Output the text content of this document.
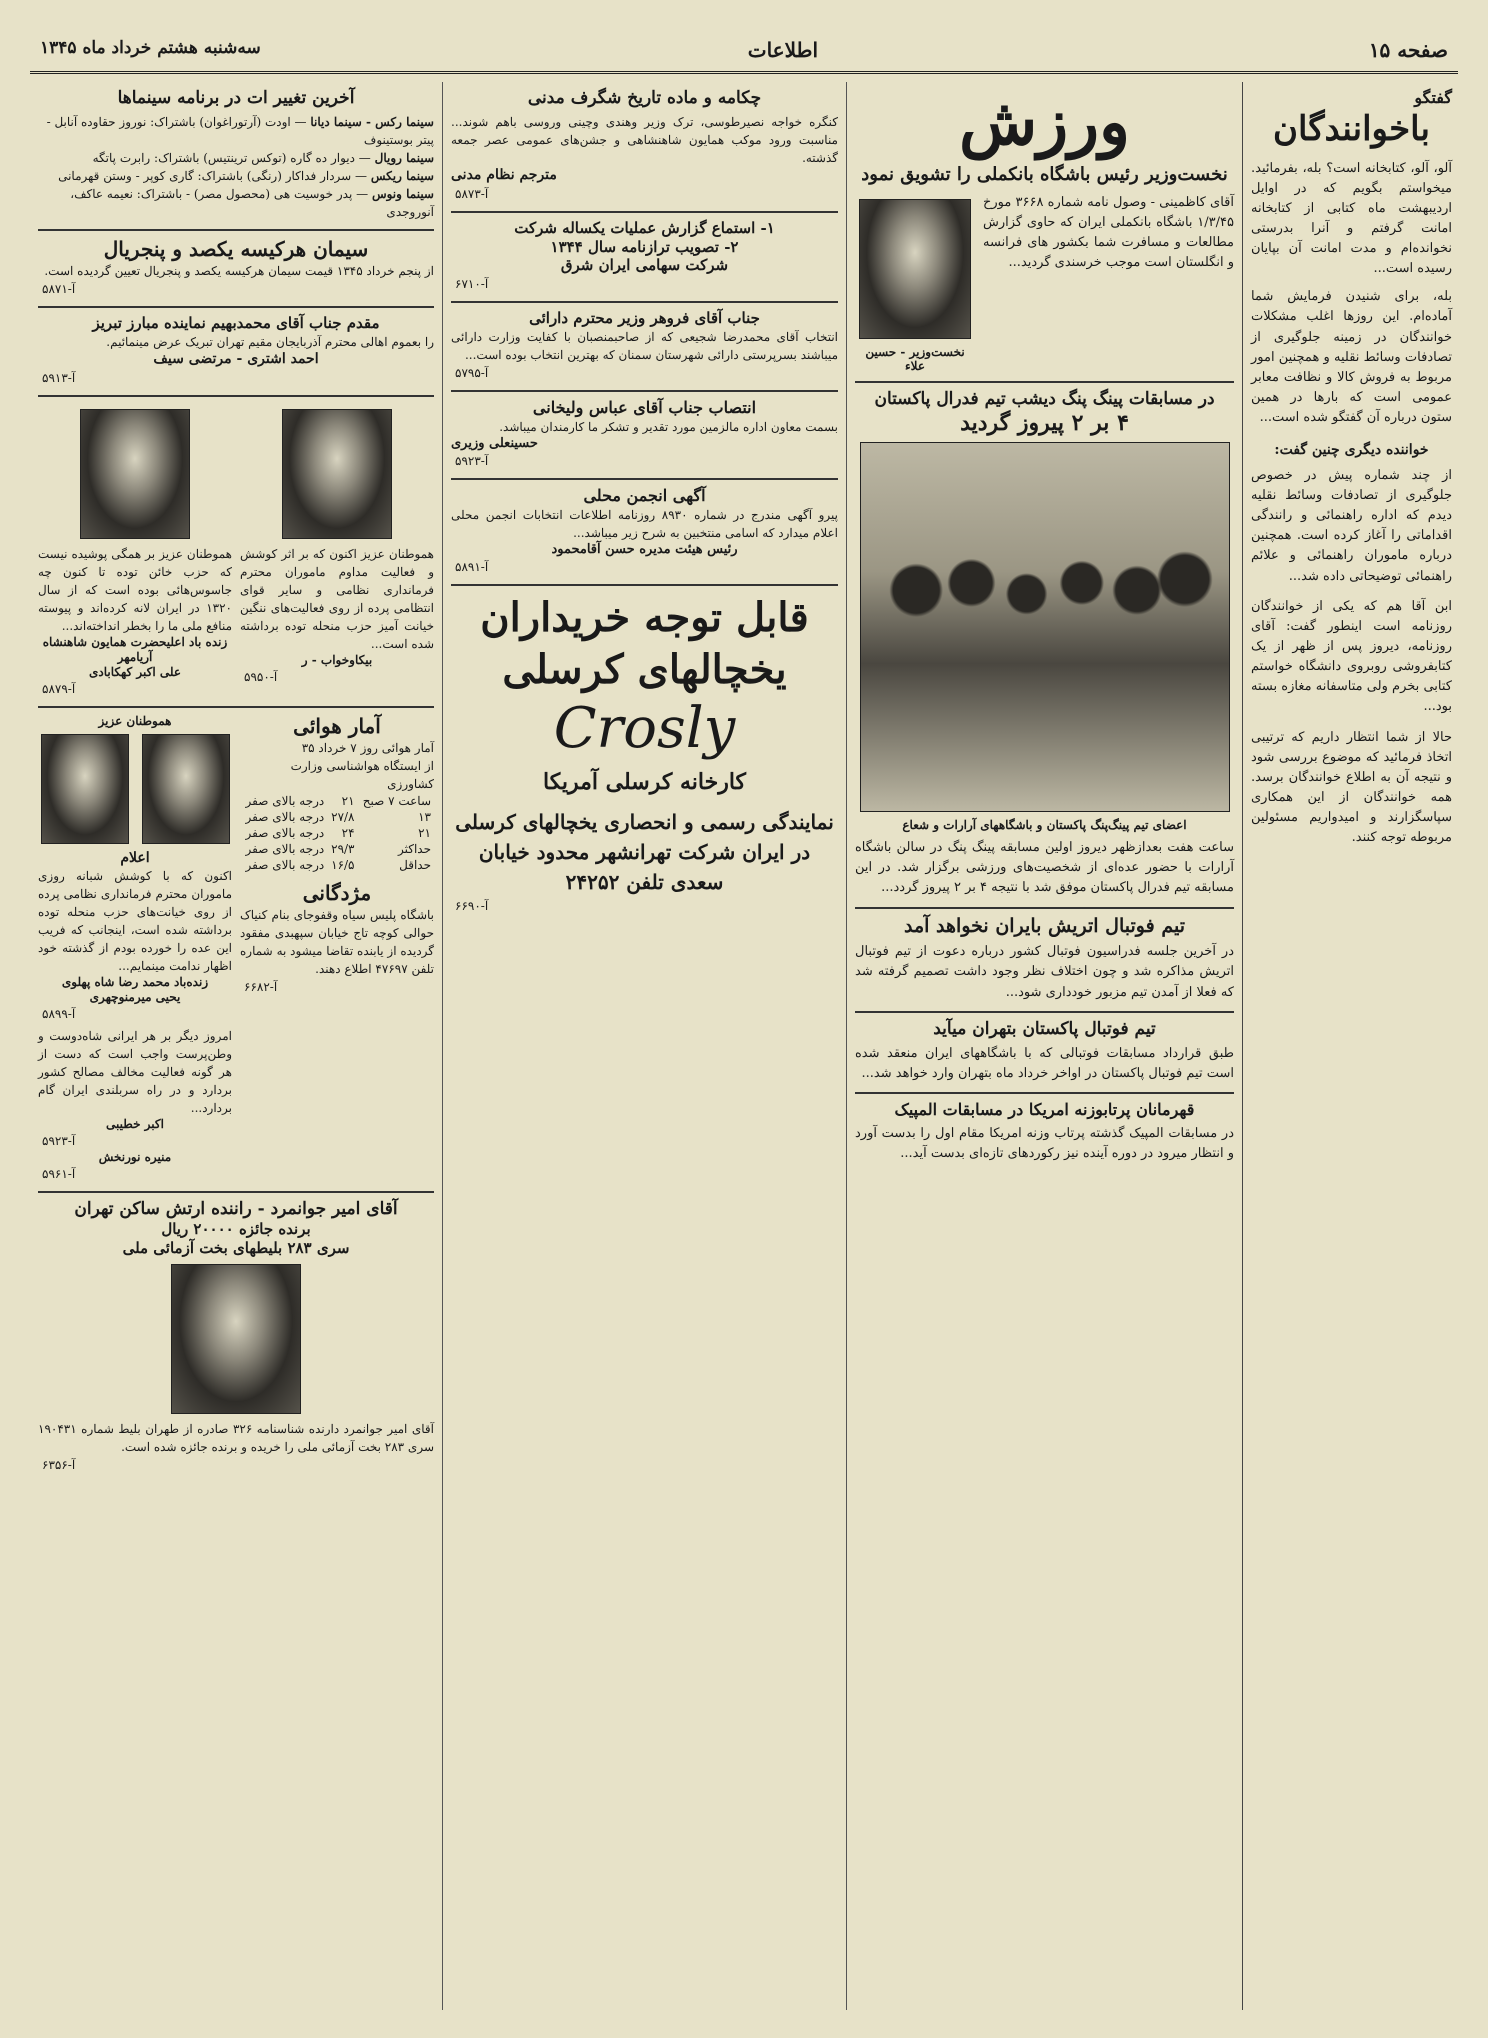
صفحه ۱۵
اطلاعات
سه‌شنبه هشتم خرداد ماه ۱۳۴۵
گفتگو
باخوانندگان
آلو، آلو، کتابخانه است؟ بله، بفرمائید. میخواستم بگویم که در اوایل اردیبهشت ماه کتابی از کتابخانه امانت گرفتم و آنرا بدرستی نخوانده‌ام و مدت امانت آن بپایان رسیده است...
بله، برای شنیدن فرمایش شما آماده‌ام. این روزها اغلب مشکلات خوانندگان در زمینه جلوگیری از تصادفات وسائط نقلیه و همچنین امور مربوط به فروش کالا و نظافت معابر عمومی است که بارها در همین ستون درباره آن گفتگو شده است...
خواننده دیگری چنین گفت:
از چند شماره پیش در خصوص جلوگیری از تصادفات وسائط نقلیه دیدم که اداره راهنمائی و رانندگی اقداماتی را آغاز کرده است. همچنین درباره ماموران راهنمائی و علائم راهنمائی توضیحاتی داده شد...
ابن آقا هم که یکی از خوانندگان روزنامه است اینطور گفت: آقای روزنامه، دیروز پس از ظهر از یک کتابفروشی روبروی دانشگاه خواستم کتابی بخرم ولی متاسفانه مغازه بسته بود...
حالا از شما انتظار داریم که ترتیبی اتخاذ فرمائید که موضوع بررسی شود و نتیجه آن به اطلاع خوانندگان برسد. همه خوانندگان از این همکاری سپاسگزارند و امیدواریم مسئولین مربوطه توجه کنند.
ورزش
نخست‌وزیر رئیس باشگاه بانکملی را تشویق نمود
آقای کاظمینی - وصول نامه شماره ۳۶۶۸ مورخ ۱/۳/۴۵ باشگاه بانکملی ایران که حاوی گزارش مطالعات و مسافرت شما بکشور های فرانسه و انگلستان است موجب خرسندی گردید...
نخست‌وزیر - حسین علاء
در مسابقات پینگ پنگ دیشب تیم فدرال پاکستان
۴ بر ۲ پیروز گردید
اعضای تیم پینگ‌پنگ پاکستان و باشگاههای آرارات و شعاع
ساعت هفت بعدازظهر دیروز اولین مسابقه پینگ پنگ در سالن باشگاه آرارات با حضور عده‌ای از شخصیت‌های ورزشی برگزار شد. در این مسابقه تیم فدرال پاکستان موفق شد با نتیجه ۴ بر ۲ پیروز گردد...
تیم فوتبال اتریش بایران نخواهد آمد
در آخرین جلسه فدراسیون فوتبال کشور درباره دعوت از تیم فوتبال اتریش مذاکره شد و چون اختلاف نظر وجود داشت تصمیم گرفته شد که فعلا از آمدن تیم مزبور خودداری شود...
تیم فوتبال پاکستان بتهران میآید
طبق قرارداد مسابقات فوتبالی که با باشگاههای ایران منعقد شده است تیم فوتبال پاکستان در اواخر خرداد ماه بتهران وارد خواهد شد...
قهرمانان پرتابوزنه امریکا در مسابقات المپیک
در مسابقات المپیک گذشته پرتاب وزنه امریکا مقام اول را بدست آورد و انتظار میرود در دوره آینده نیز رکوردهای تازه‌ای بدست آید...
چکامه و ماده تاریخ شگرف مدنی
کنگره خواجه نصیرطوسی، ترک وزیر وهندی وچینی وروسی باهم شوند... مناسبت ورود موکب همایون شاهنشاهی و جشن‌های عمومی عصر جمعه گذشته.
مترجم نظام مدنی
آ-۵۸۷۳
۱- استماع گزارش عملیات یکساله شرکت
۲- تصویب ترازنامه سال ۱۳۴۴
شرکت سهامی ایران شرق
آ-۶۷۱۰
جناب آقای فروهر وزیر محترم دارائی
انتخاب آقای محمدرضا شجیعی که از صاحبمنصبان با کفایت وزارت دارائی میباشند بسرپرستی دارائی شهرستان سمنان که بهترین انتخاب بوده است...
آ-۵۷۹۵
انتصاب جناب آقای عباس ولیخانی
بسمت معاون اداره مالزمین مورد تقدیر و تشکر ما کارمندان میباشد.
حسینعلی وزیری
آ-۵۹۲۳
آگهی انجمن محلی
پیرو آگهی مندرج در شماره ۸۹۳۰ روزنامه اطلاعات انتخابات انجمن محلی اعلام میدارد که اسامی منتخبین به شرح زیر میباشد...
رئیس هیئت مدیره حسن آقامحمود
آ-۵۸۹۱
قابل توجه خریداران
یخچالهای کرسلی
Crosly
کارخانه کرسلی آمریکا
نمایندگی رسمی و انحصاری یخچالهای کرسلی در ایران شرکت تهرانشهر محدود خیابان سعدی تلفن ۲۴۲۵۲
آ-۶۶۹۰
آخرین تغییر ات در برنامه سینماها
سینما رکس - سینما دیانا — اودت (آرتوراغوان) باشتراک: نوروز حقاوده آنابل - پیتر بوستینوف
سینما رویال — دیوار ده گاره (توکس ترینتیس) باشتراک: رابرت پاتگه
سینما ریکس — سردار فداکار (رنگی) باشتراک: گاری کوپر - وستن قهرمانی
سینما ونوس — پدر خوسیت هی (محصول مصر) - باشتراک: نعیمه عاکف، آنوروجدی
سیمان هرکیسه یکصد و پنجریال
از پنجم خرداد ۱۳۴۵ قیمت سیمان هرکیسه یکصد و پنجریال تعیین گردیده است.
آ-۵۸۷۱
مقدم جناب آقای محمدبهیم نماینده مبارز تبریز
را بعموم اهالی محترم آذربایجان مقیم تهران تبریک عرض مینمائیم.
احمد اشتری - مرتضی سیف
آ-۵۹۱۳
هموطنان عزیز اکنون که بر اثر کوشش و فعالیت مداوم ماموران محترم فرمانداری نظامی و سایر قوای انتظامی پرده از روی فعالیت‌های ننگین خیانت آمیز حزب منحله توده برداشته شده است...
بیکاوخواب - ر
آ-۵۹۵۰
هموطنان عزیز بر همگی پوشیده نیست که حزب خائن توده تا کنون چه جاسوس‌هائی بوده است که از سال ۱۳۲۰ در ایران لانه کرده‌اند و پیوسته منافع ملی ما را بخطر انداخته‌اند...
زنده باد اعلیحضرت همایون شاهنشاه آریامهر
علی اکبر کهکابادی
آ-۵۸۷۹
آمار هوائی
آمار هوائی روز ۷ خرداد ۳۵
از ایستگاه هواشناسی وزارت کشاورزی
ساعت ۷ صبح	۲۱	درجه بالای صفر
۱۳	۲۷/۸	درجه بالای صفر
۲۱	۲۴	درجه بالای صفر
حداکثر	۲۹/۳	درجه بالای صفر
حداقل	۱۶/۵	درجه بالای صفر
مژدگانی
باشگاه پلیس سیاه وقفوجای بنام کنیاک حوالی کوچه تاج خیابان سپهبدی مفقود گردیده از یابنده تقاضا میشود به شماره تلفن ۴۷۶۹۷ اطلاع دهند.
آ-۶۶۸۲
هموطنان عزیز
اعلام
اکنون که با کوشش شبانه روزی ماموران محترم فرمانداری نظامی پرده از روی خیانت‌های حزب منحله توده برداشته شده است، اینجانب که فریب این عده را خورده بودم از گذشته خود اظهار ندامت مینمایم...
زنده‌باد محمد رضا شاه پهلوی
یحیی میرمنوچهری
آ-۵۸۹۹
امروز دیگر بر هر ایرانی شاه‌دوست و وطن‌پرست واجب است که دست از هر گونه فعالیت مخالف مصالح کشور بردارد و در راه سربلندی ایران گام بردارد...
اکبر خطیبی
آ-۵۹۲۳
منیره نورنخش
آ-۵۹۶۱
آقای امیر جوانمرد - راننده ارتش ساکن تهران
برنده جائزه ۲۰۰۰۰ ریال
سری ۲۸۳ بلیطهای بخت آزمائی ملی
آقای امیر جوانمرد دارنده شناسنامه ۳۲۶ صادره از طهران بلیط شماره ۱۹۰۴۳۱ سری ۲۸۳ بخت آزمائی ملی را خریده و برنده جائزه شده است.
آ-۶۳۵۶
